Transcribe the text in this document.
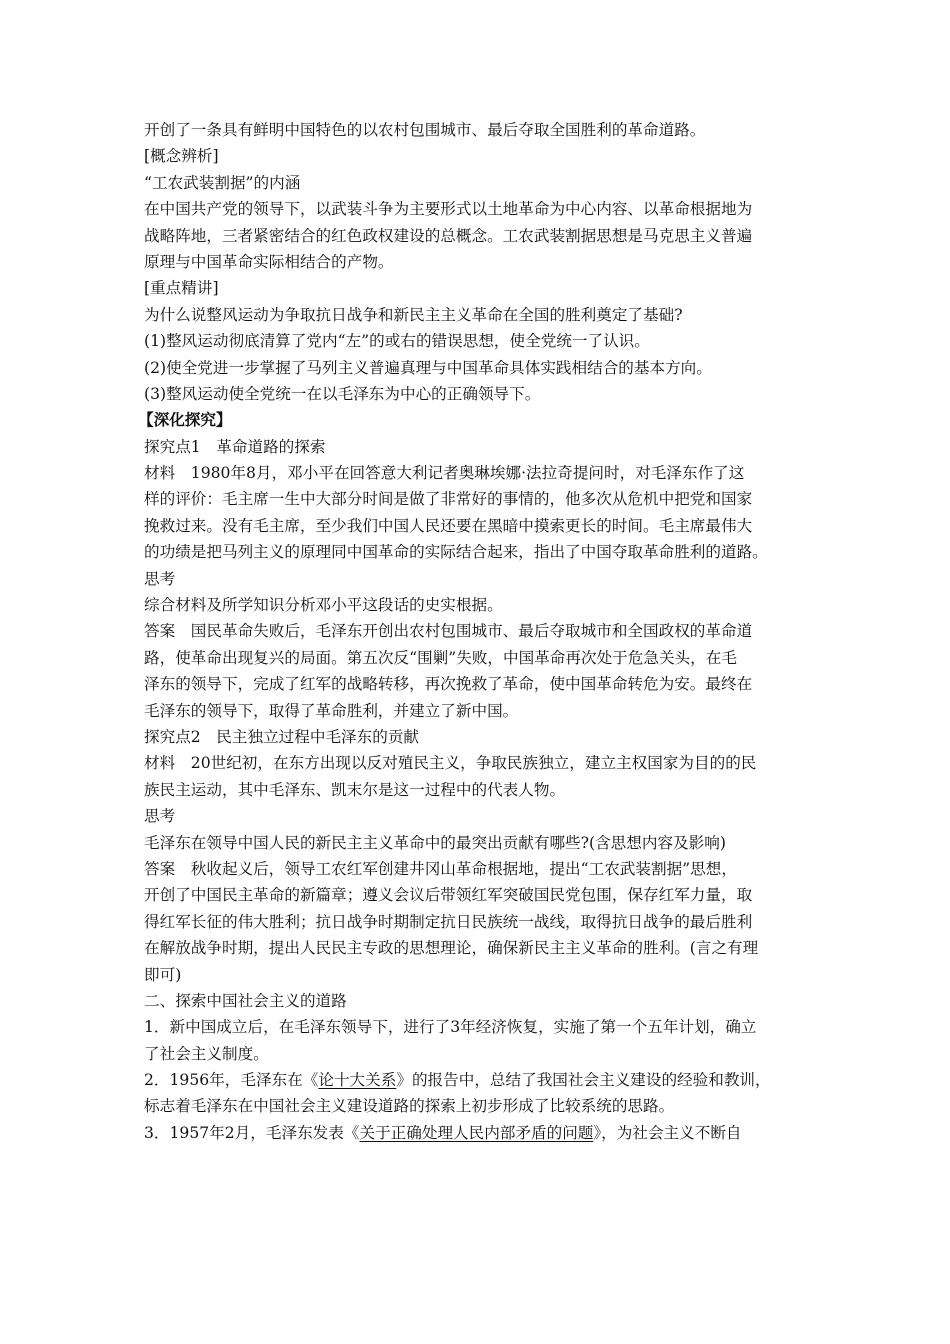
开创了一条具有鲜明中国特色的以农村包围城市、最后夺取全国胜利的革命道路。
[概念辨析]
“工农武装割据”的内涵
在中国共产党的领导下，以武装斗争为主要形式以土地革命为中心内容、以革命根据地为
战略阵地，三者紧密结合的红色政权建设的总概念。工农武装割据思想是马克思主义普遍
原理与中国革命实际相结合的产物。
[重点精讲]
为什么说整风运动为争取抗日战争和新民主主义革命在全国的胜利奠定了基础?
(1)整风运动彻底清算了党内“左”的或右的错误思想，使全党统一了认识。
(2)使全党进一步掌握了马列主义普遍真理与中国革命具体实践相结合的基本方向。
(3)整风运动使全党统一在以毛泽东为中心的正确领导下。
【深化探究】
探究点1　革命道路的探索
材料　1980年8月，邓小平在回答意大利记者奥琳埃娜·法拉奇提问时，对毛泽东作了这
样的评价：毛主席一生中大部分时间是做了非常好的事情的，他多次从危机中把党和国家
挽救过来。没有毛主席，至少我们中国人民还要在黑暗中摸索更长的时间。毛主席最伟大
的功绩是把马列主义的原理同中国革命的实际结合起来，指出了中国夺取革命胜利的道路。
思考
综合材料及所学知识分析邓小平这段话的史实根据。
答案　国民革命失败后，毛泽东开创出农村包围城市、最后夺取城市和全国政权的革命道
路，使革命出现复兴的局面。第五次反“围剿”失败，中国革命再次处于危急关头，在毛
泽东的领导下，完成了红军的战略转移，再次挽救了革命，使中国革命转危为安。最终在
毛泽东的领导下，取得了革命胜利，并建立了新中国。
探究点2　民主独立过程中毛泽东的贡献
材料　20世纪初，在东方出现以反对殖民主义，争取民族独立，建立主权国家为目的的民
族民主运动，其中毛泽东、凯末尔是这一过程中的代表人物。
思考
毛泽东在领导中国人民的新民主主义革命中的最突出贡献有哪些?(含思想内容及影响)
答案　秋收起义后，领导工农红军创建井冈山革命根据地，提出“工农武装割据”思想，
开创了中国民主革命的新篇章；遵义会议后带领红军突破国民党包围，保存红军力量，取
得红军长征的伟大胜利；抗日战争时期制定抗日民族统一战线，取得抗日战争的最后胜利
在解放战争时期，提出人民民主专政的思想理论，确保新民主主义革命的胜利。(言之有理
即可)
二、探索中国社会主义的道路
1．新中国成立后，在毛泽东领导下，进行了3年经济恢复，实施了第一个五年计划，确立
了社会主义制度。
2．1956年，毛泽东在《论十大关系》的报告中，总结了我国社会主义建设的经验和教训，
标志着毛泽东在中国社会主义建设道路的探索上初步形成了比较系统的思路。
3．1957年2月，毛泽东发表《关于正确处理人民内部矛盾的问题》，为社会主义不断自
